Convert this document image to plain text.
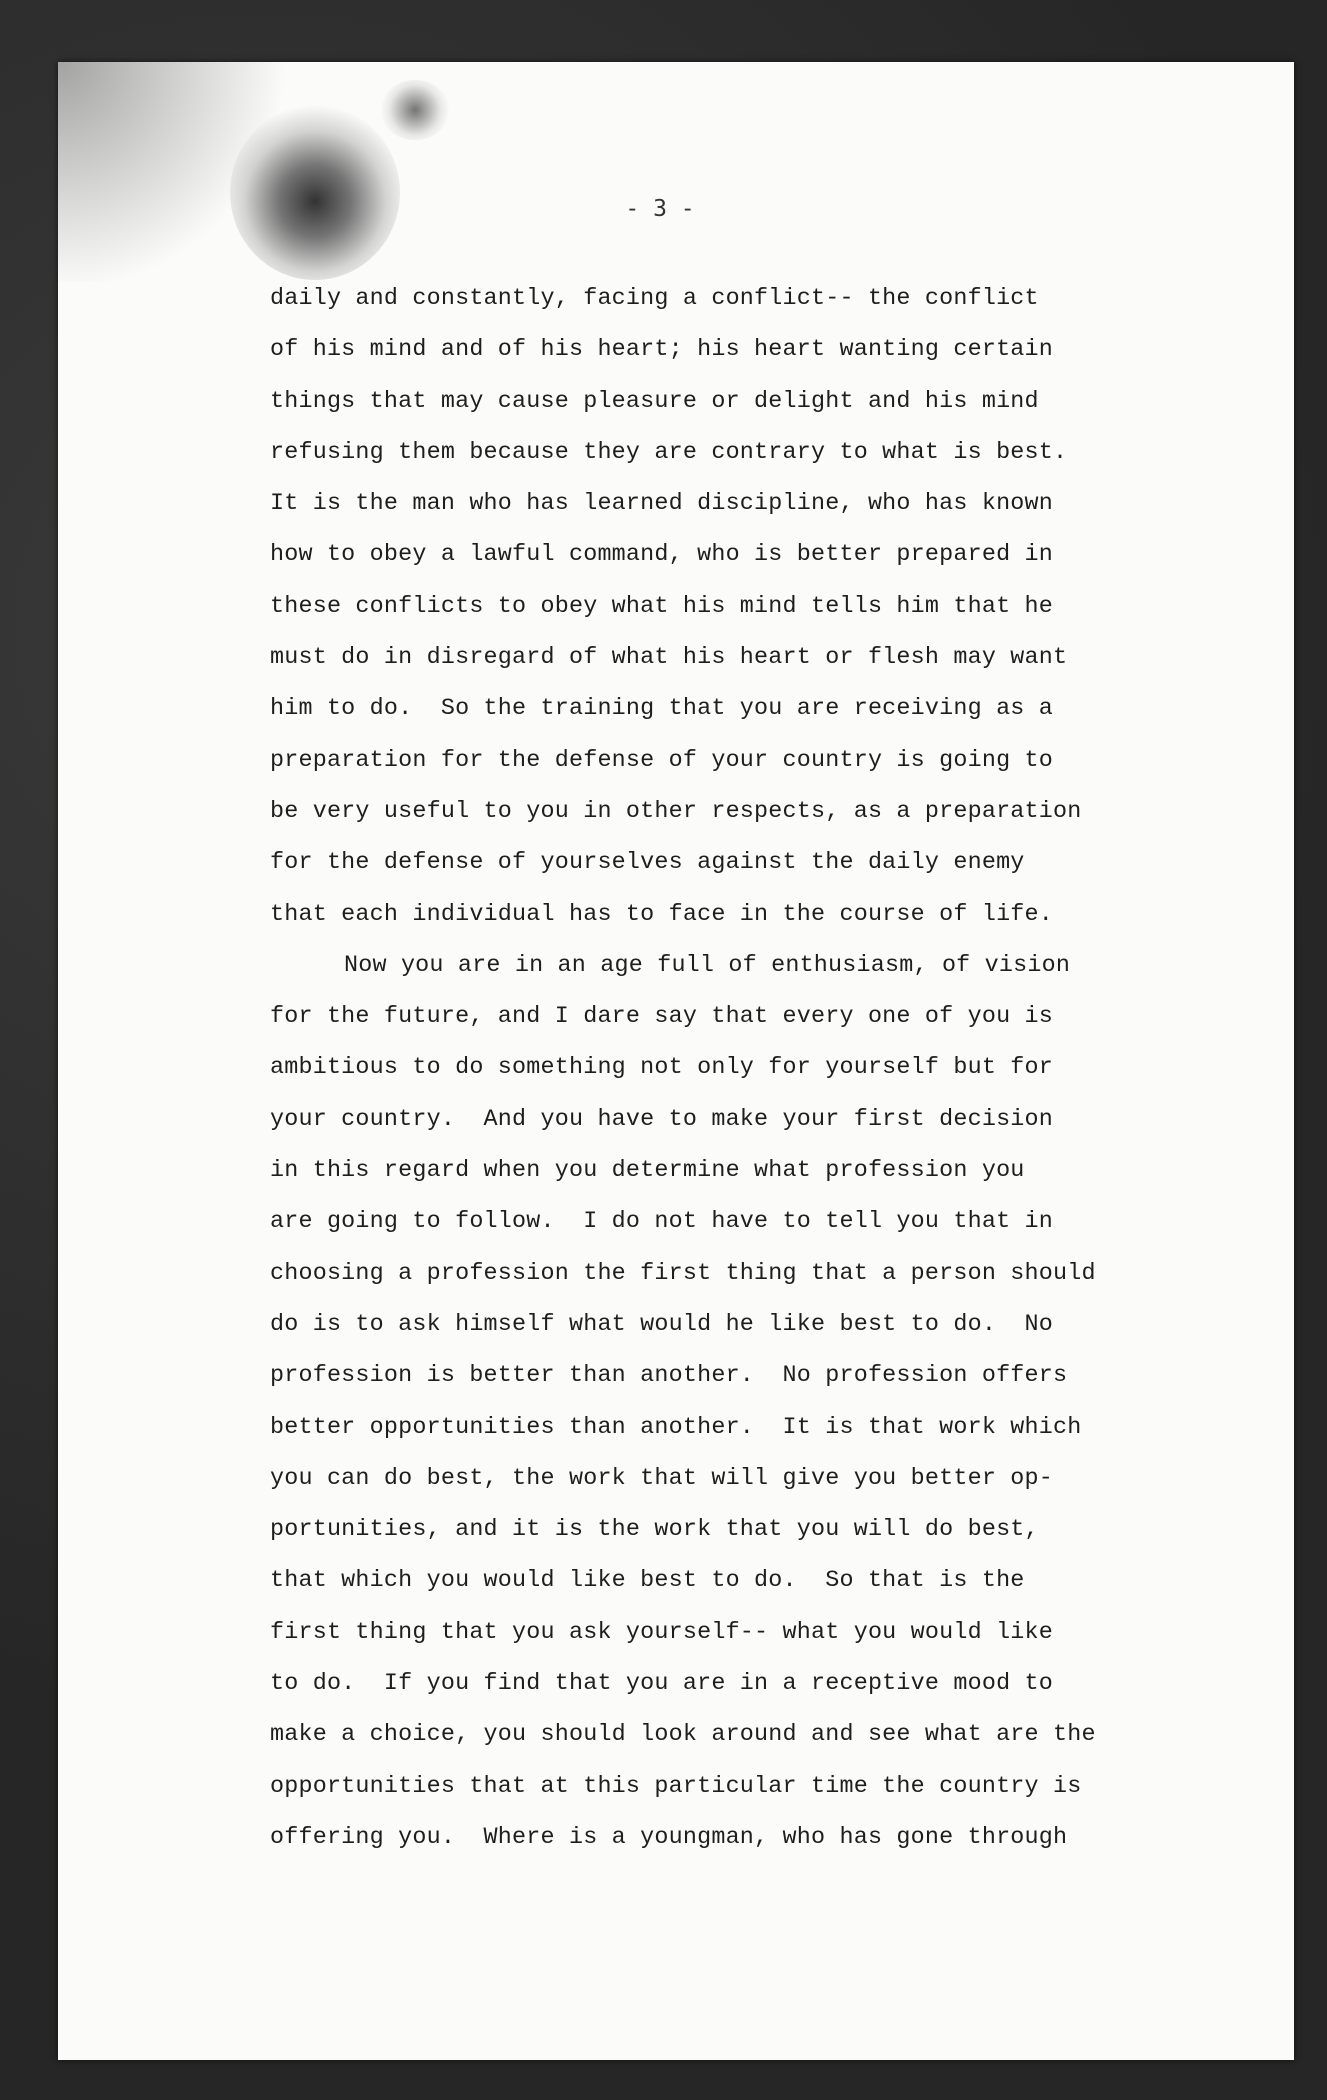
- 3 -
daily and constantly, facing a conflict-- the conflict
of his mind and of his heart; his heart wanting certain
things that may cause pleasure or delight and his mind
refusing them because they are contrary to what is best.
It is the man who has learned discipline, who has known
how to obey a lawful command, who is better prepared in
these conflicts to obey what his mind tells him that he
must do in disregard of what his heart or flesh may want
him to do.  So the training that you are receiving as a
preparation for the defense of your country is going to
be very useful to you in other respects, as a preparation
for the defense of yourselves against the daily enemy
that each individual has to face in the course of life.
Now you are in an age full of enthusiasm, of vision
for the future, and I dare say that every one of you is
ambitious to do something not only for yourself but for
your country.  And you have to make your first decision
in this regard when you determine what profession you
are going to follow.  I do not have to tell you that in
choosing a profession the first thing that a person should
do is to ask himself what would he like best to do.  No
profession is better than another.  No profession offers
better opportunities than another.  It is that work which
you can do best, the work that will give you better op-
portunities, and it is the work that you will do best,
that which you would like best to do.  So that is the
first thing that you ask yourself-- what you would like
to do.  If you find that you are in a receptive mood to
make a choice, you should look around and see what are the
opportunities that at this particular time the country is
offering you.  Where is a youngman, who has gone through
